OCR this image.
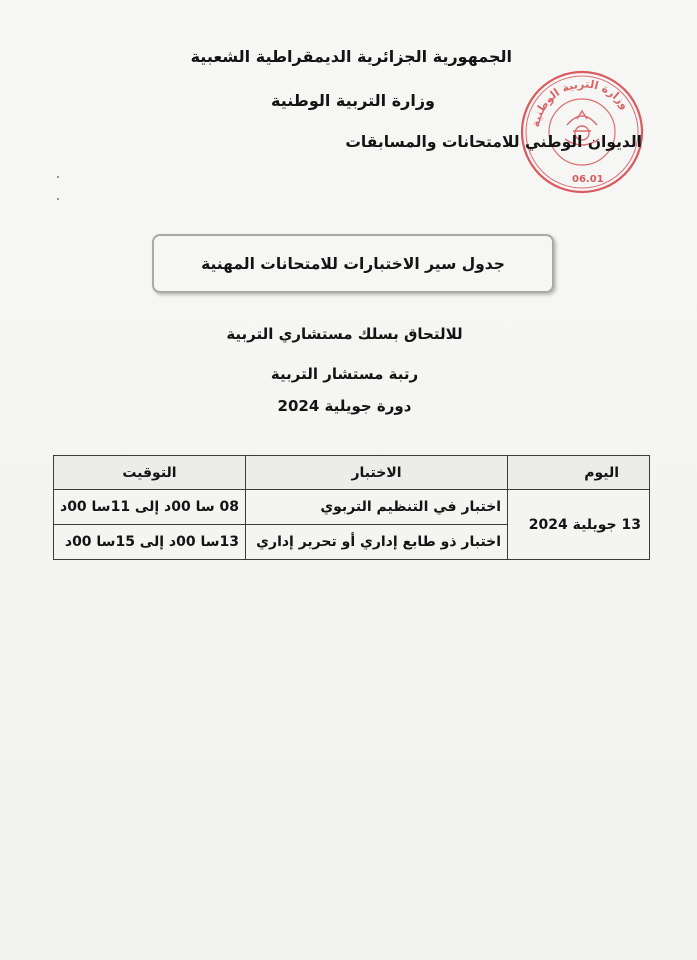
الجمهورية الجزائرية الديمقراطية الشعبية
وزارة التربية الوطنية
وزارة التربية الوطنية
06.01
الديوان الوطني للامتحانات والمسابقات
جدول سير الاختبارات للامتحانات المهنية
للالتحاق بسلك مستشاري التربية
رتبة مستشار التربية
دورة جويلية 2024
اليوم	الاختبار	التوقيت
13 جويلية 2024	اختبار في التنظيم التربوي	08 سا 00د إلى 11سا 00د
	اختبار ذو طابع إداري أو تحرير إداري	13سا 00د إلى 15سا 00د
